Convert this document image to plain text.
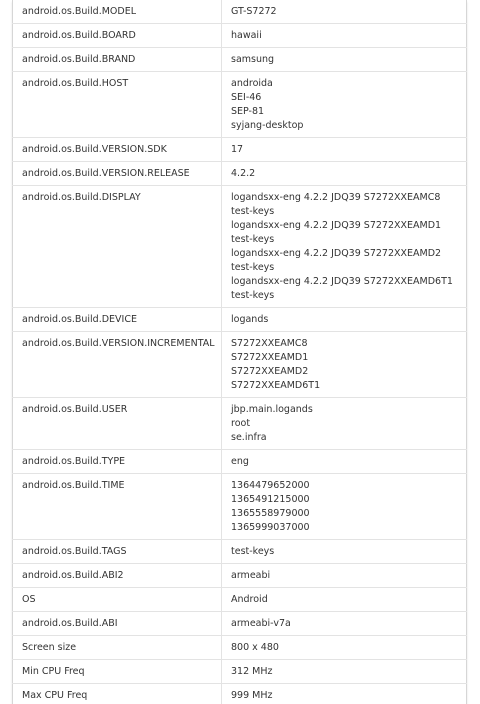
android.os.Build.MODEL	GT-S7272

android.os.Build.BOARD	hawaii

android.os.Build.BRAND	samsung

android.os.Build.HOST	androida
SEI-46
SEP-81
syjang-desktop

android.os.Build.VERSION.SDK	17

android.os.Build.VERSION.RELEASE	4.2.2

android.os.Build.DISPLAY	logandsxx-eng 4.2.2 JDQ39 S7272XXEAMC8 test-keys
logandsxx-eng 4.2.2 JDQ39 S7272XXEAMD1 test-keys
logandsxx-eng 4.2.2 JDQ39 S7272XXEAMD2 test-keys
logandsxx-eng 4.2.2 JDQ39 S7272XXEAMD6T1 test-keys

android.os.Build.DEVICE	logands

android.os.Build.VERSION.INCREMENTAL	S7272XXEAMC8
S7272XXEAMD1
S7272XXEAMD2
S7272XXEAMD6T1

android.os.Build.USER	jbp.main.logands
root
se.infra

android.os.Build.TYPE	eng

android.os.Build.TIME	1364479652000
1365491215000
1365558979000
1365999037000

android.os.Build.TAGS	test-keys

android.os.Build.ABI2	armeabi

OS	Android

android.os.Build.ABI	armeabi-v7a

Screen size	800 x 480

Min CPU Freq	312 MHz

Max CPU Freq	999 MHz
